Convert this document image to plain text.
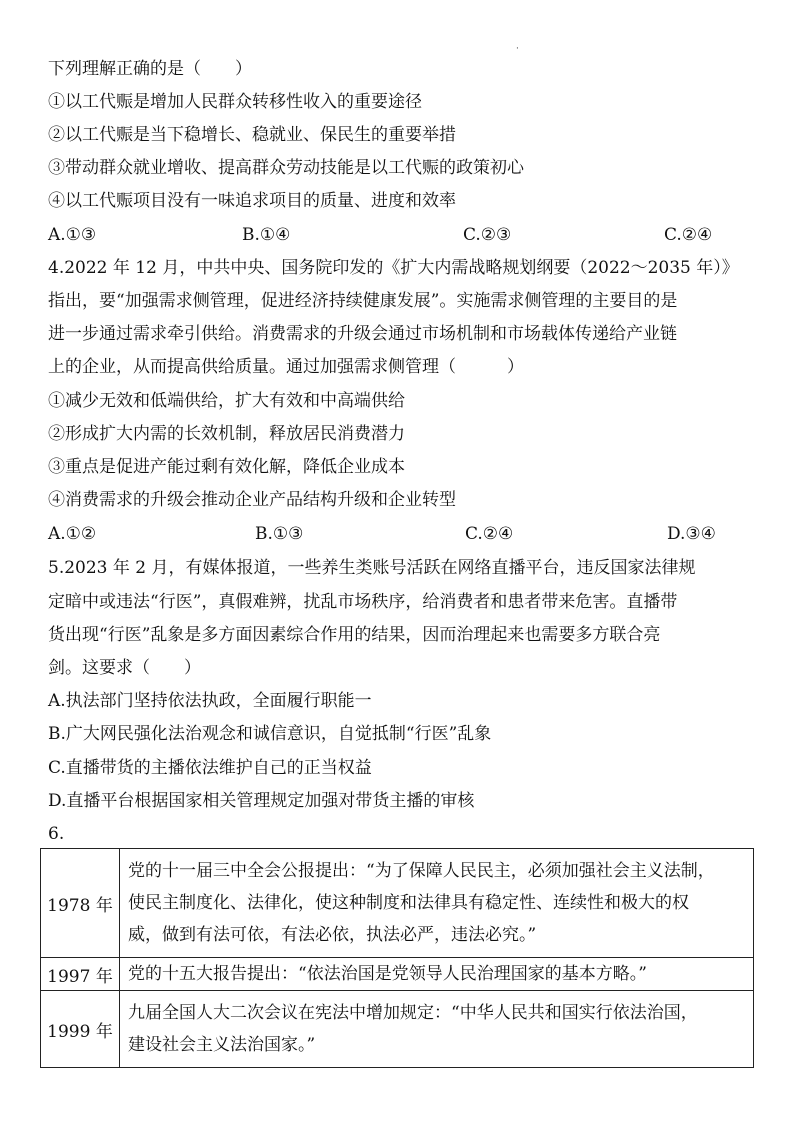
·
下列理解正确的是（　　）
①以工代赈是增加人民群众转移性收入的重要途径
②以工代赈是当下稳增长、稳就业、保民生的重要举措
③带动群众就业增收、提高群众劳动技能是以工代赈的政策初心
④以工代赈项目没有一味追求项目的质量、进度和效率
A.①③	B.①④	C.②③	C.②④
4.2022 年 12 月，中共中央、国务院印发的《扩大内需战略规划纲要（2022～2035 年）》
指出，要“加强需求侧管理，促进经济持续健康发展”。实施需求侧管理的主要目的是
进一步通过需求牵引供给。消费需求的升级会通过市场机制和市场载体传递给产业链
上的企业，从而提高供给质量。通过加强需求侧管理（　　　）
①减少无效和低端供给，扩大有效和中高端供给
②形成扩大内需的长效机制，释放居民消费潜力
③重点是促进产能过剩有效化解，降低企业成本
④消费需求的升级会推动企业产品结构升级和企业转型
A.①②	B.①③	C.②④	D.③④
5.2023 年 2 月，有媒体报道，一些养生类账号活跃在网络直播平台，违反国家法律规
定暗中或违法“行医”，真假难辨，扰乱市场秩序，给消费者和患者带来危害。直播带
货出现“行医”乱象是多方面因素综合作用的结果，因而治理起来也需要多方联合亮
剑。这要求（　　）
A.执法部门坚持依法执政，全面履行职能一
B.广大网民强化法治观念和诚信意识，自觉抵制“行医”乱象
C.直播带货的主播依法维护自己的正当权益
D.直播平台根据国家相关管理规定加强对带货主播的审核
6.
1978 年	党的十一届三中全会公报提出：“为了保障人民民主，必须加强社会主义法制，
使民主制度化、法律化，使这种制度和法律具有稳定性、连续性和极大的权
威，做到有法可依，有法必依，执法必严，违法必究。”

1997 年	党的十五大报告提出：“依法治国是党领导人民治理国家的基本方略。”

1999 年	九届全国人大二次会议在宪法中增加规定：“中华人民共和国实行依法治国，
建设社会主义法治国家。”
